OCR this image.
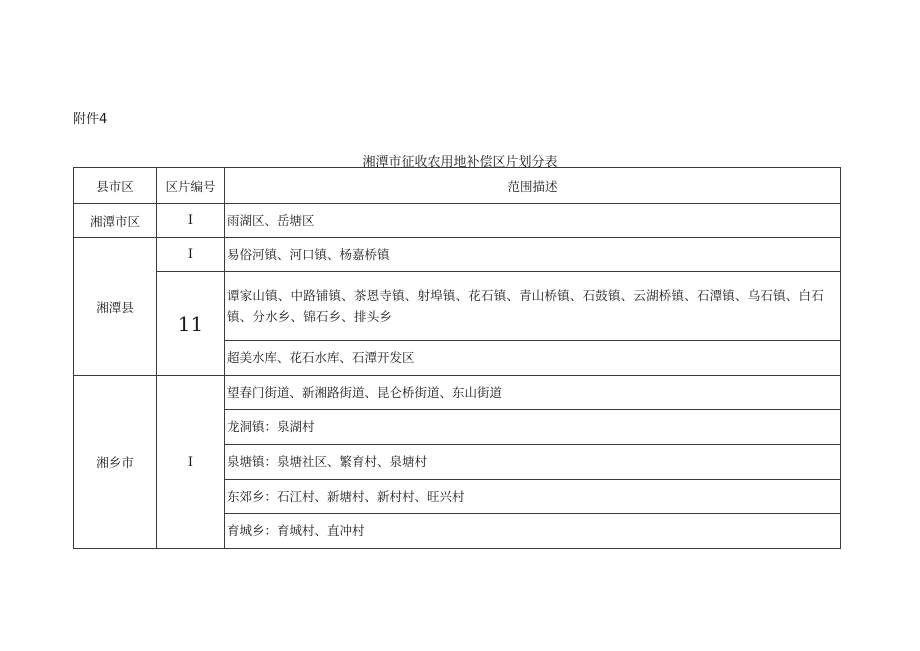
附件4
湘潭市征收农用地补偿区片划分表
县市区	区片编号	范围描述
湘潭市区	I	雨湖区、岳塘区
湘潭县	I	易俗河镇、河口镇、杨嘉桥镇
	11	谭家山镇、中路铺镇、茶恩寺镇、射埠镇、花石镇、青山桥镇、石鼓镇、云湖桥镇、石潭镇、乌石镇、白石镇、分水乡、锦石乡、排头乡

		超美水库、花石水库、石潭开发区
湘乡市	I	望春门街道、新湘路街道、昆仑桥街道、东山街道
		龙洞镇：泉湖村
		泉塘镇：泉塘社区、繁育村、泉塘村
		东郊乡：石江村、新塘村、新村村、旺兴村
		育城乡：育城村、直冲村
